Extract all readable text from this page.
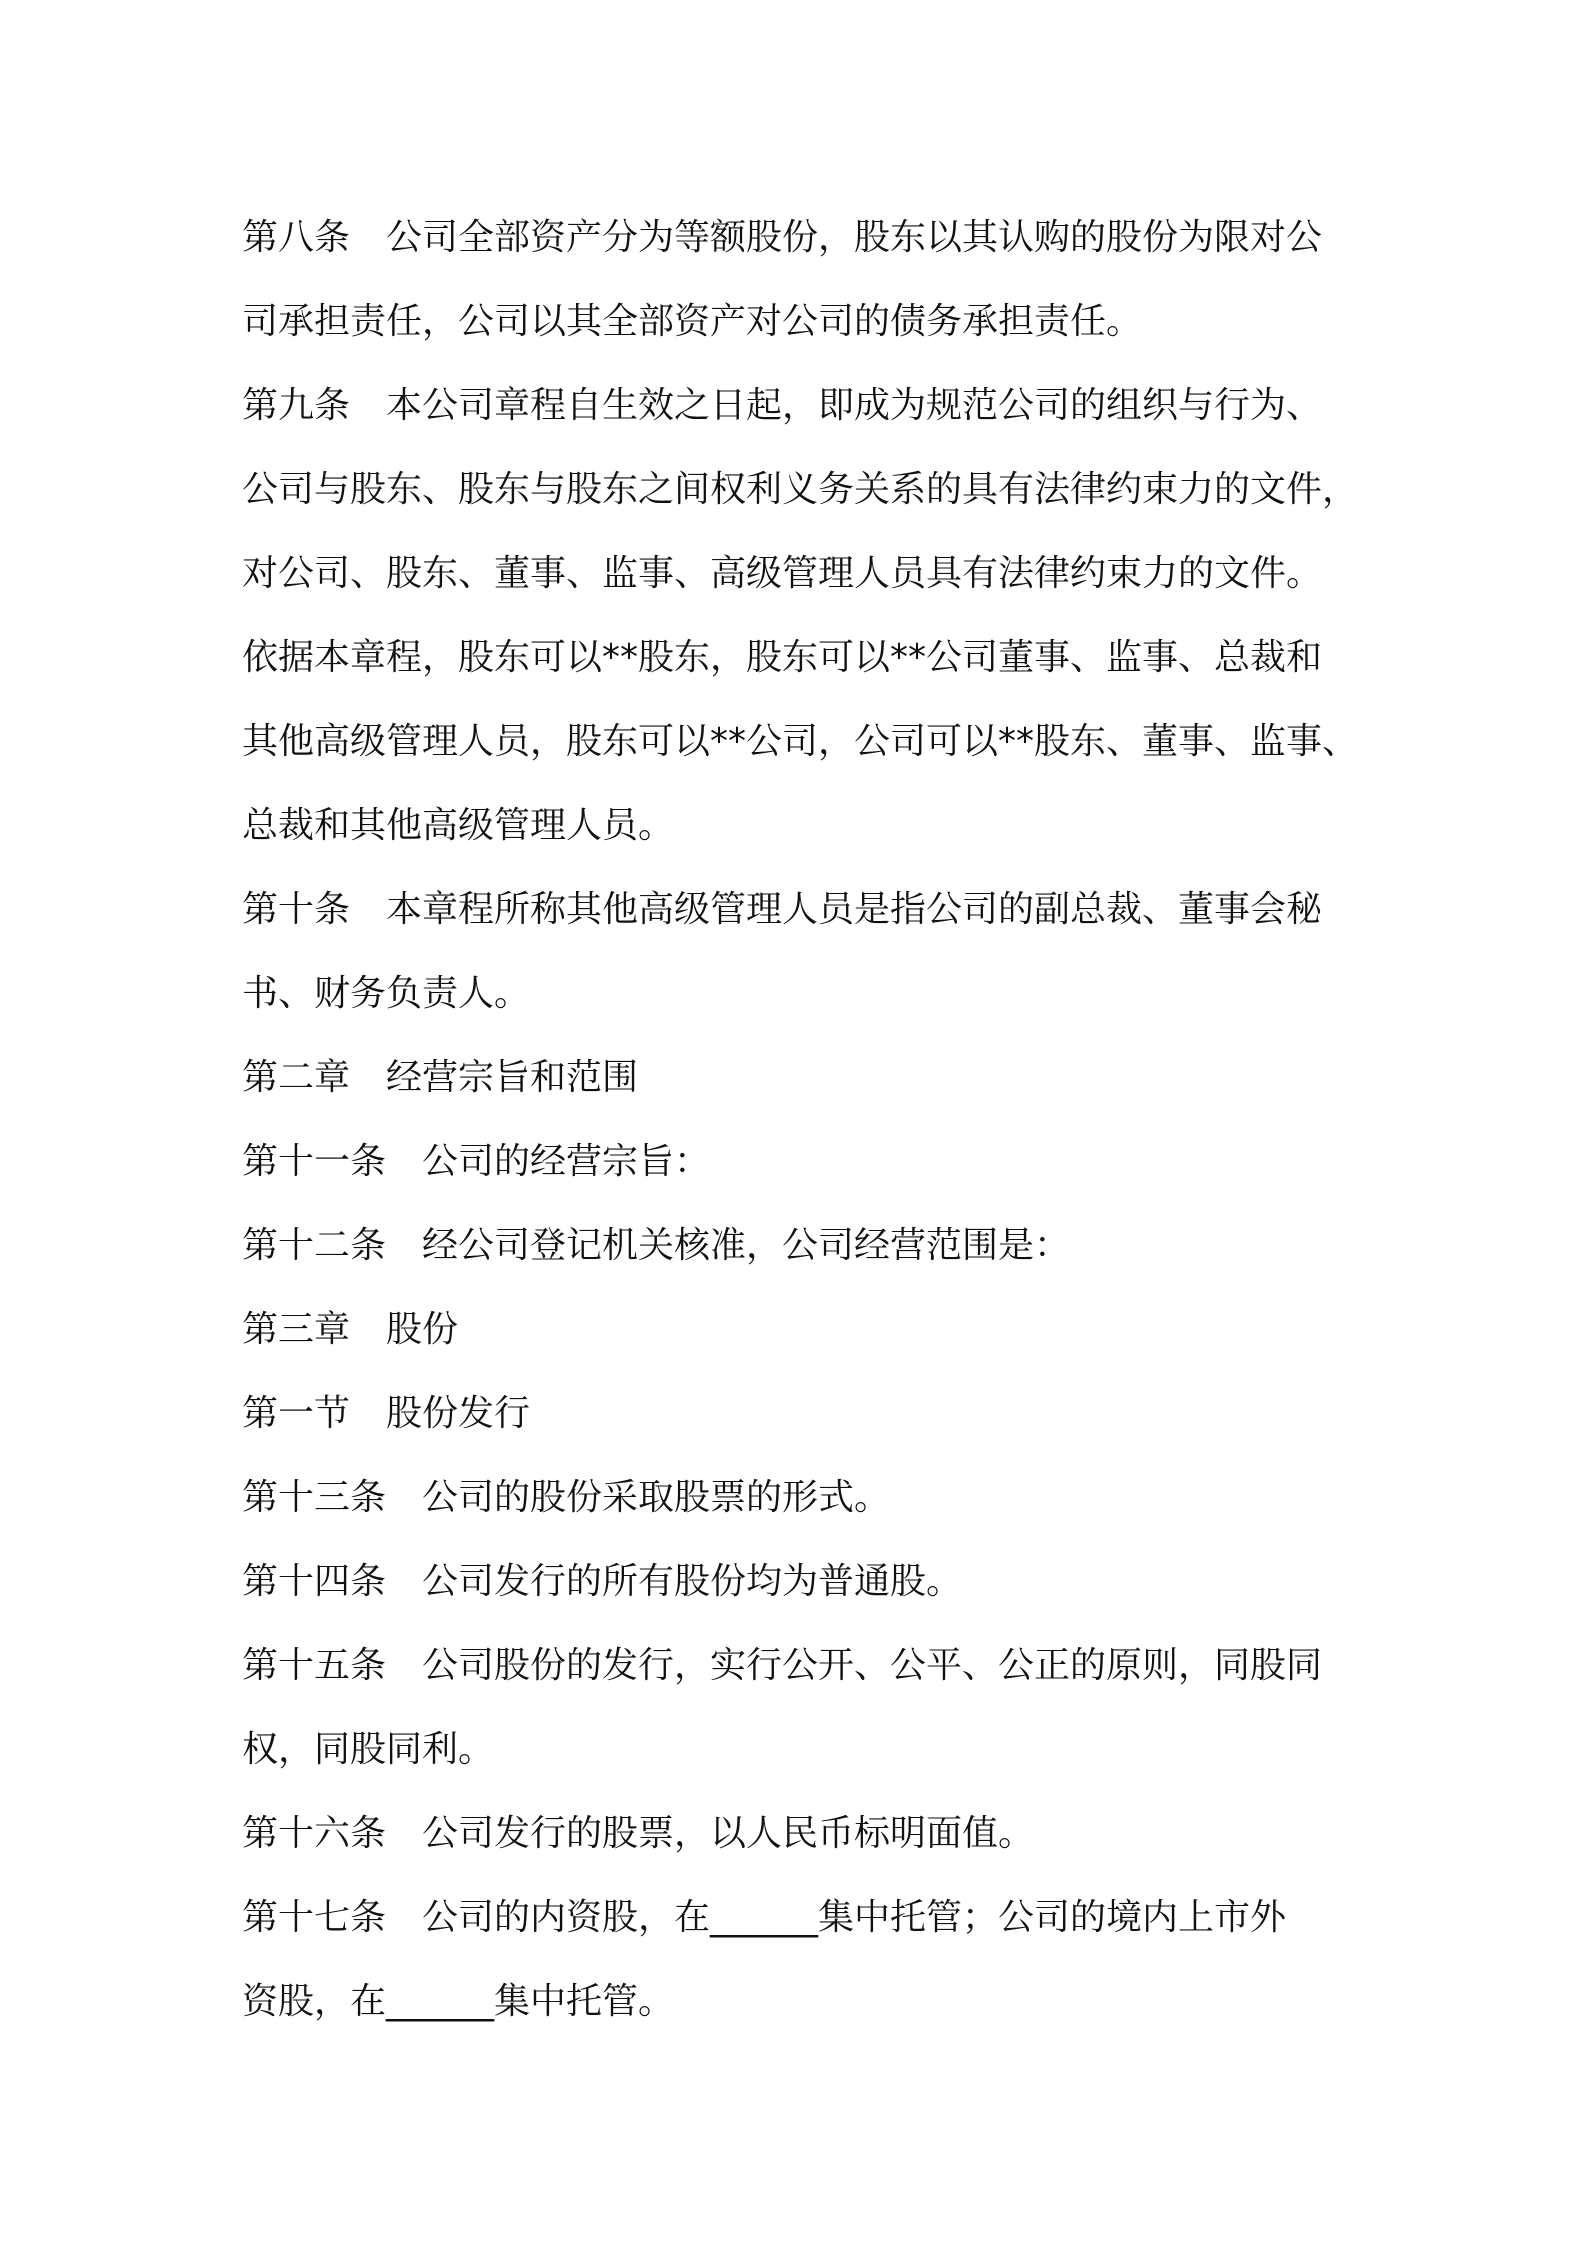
第八条 公司全部资产分为等额股份，股东以其认购的股份为限对公
司承担责任，公司以其全部资产对公司的债务承担责任。
第九条 本公司章程自生效之日起，即成为规范公司的组织与行为、
公司与股东、股东与股东之间权利义务关系的具有法律约束力的文件，
对公司、股东、董事、监事、高级管理人员具有法律约束力的文件。
依据本章程，股东可以**股东，股东可以**公司董事、监事、总裁和
其他高级管理人员，股东可以**公司，公司可以**股东、董事、监事、
总裁和其他高级管理人员。
第十条 本章程所称其他高级管理人员是指公司的副总裁、董事会秘
书、财务负责人。
第二章 经营宗旨和范围
第十一条 公司的经营宗旨：
第十二条 经公司登记机关核准，公司经营范围是：
第三章 股份
第一节 股份发行
第十三条 公司的股份采取股票的形式。
第十四条 公司发行的所有股份均为普通股。
第十五条 公司股份的发行，实行公开、公平、公正的原则，同股同
权，同股同利。
第十六条 公司发行的股票，以人民币标明面值。
第十七条 公司的内资股，在______集中托管；公司的境内上市外
资股，在______集中托管。
